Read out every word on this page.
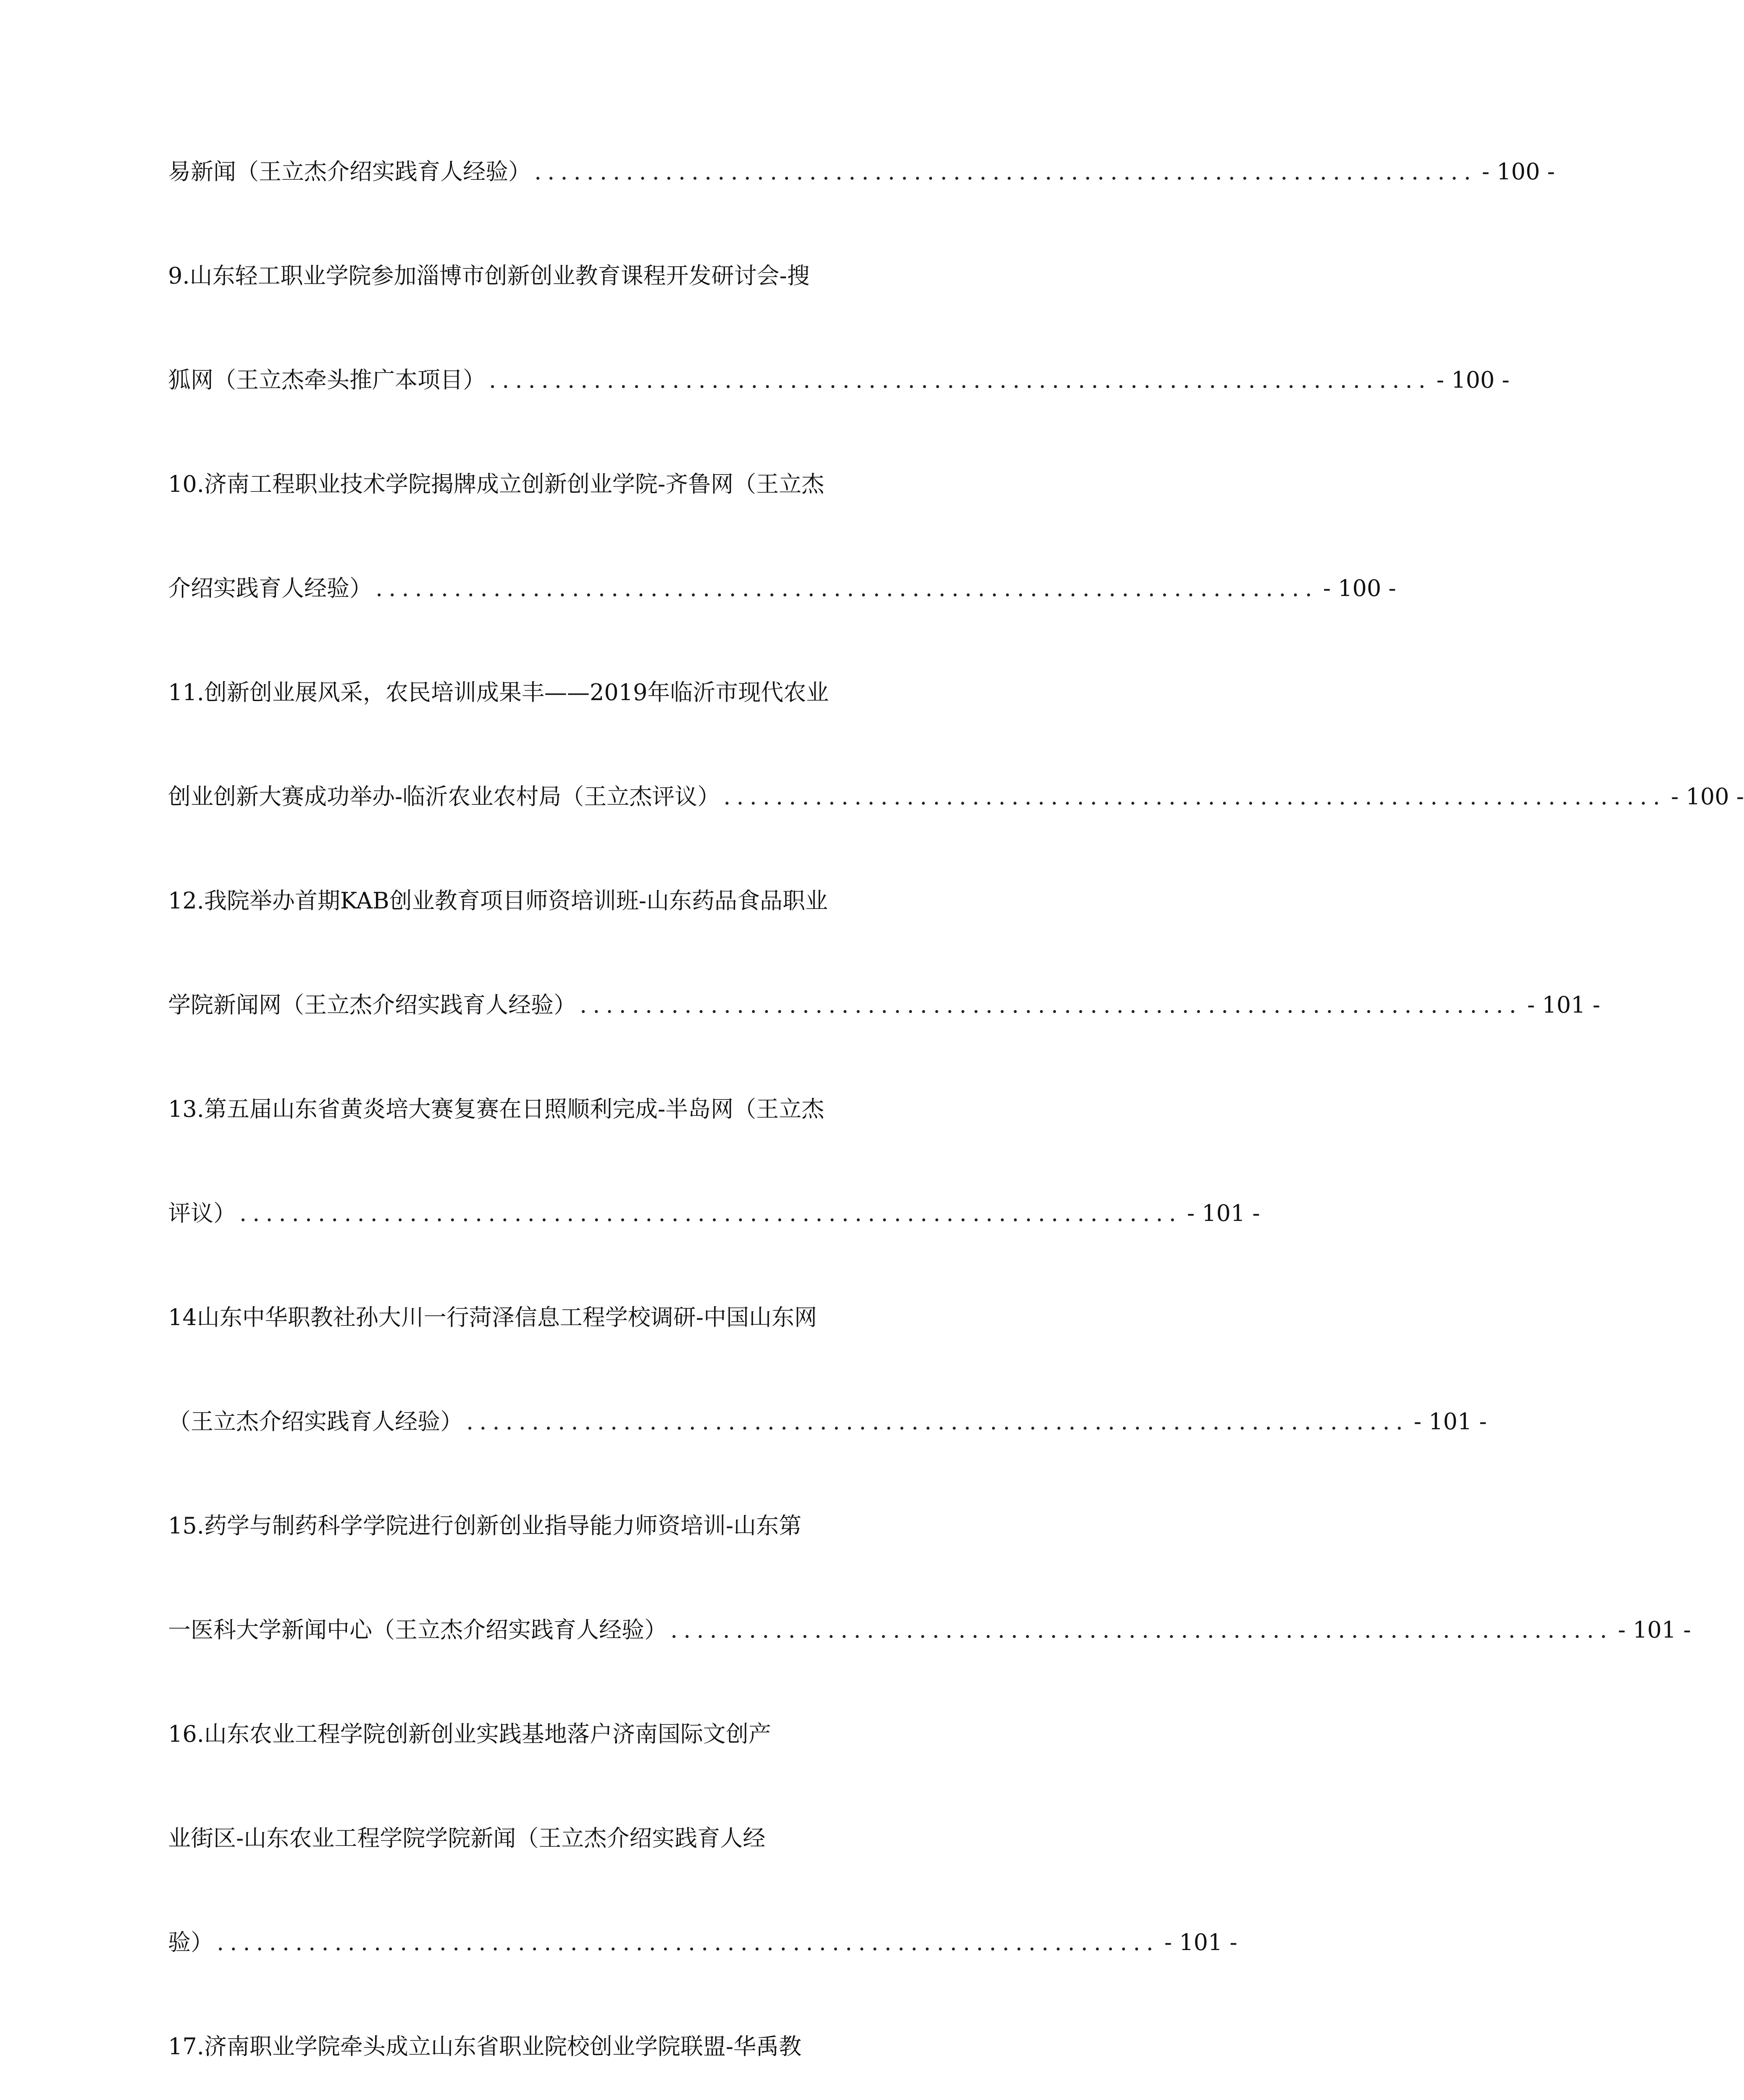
易新闻（王立杰介绍实践育人经验） ........................................................................ - 100 -
9.山东轻工职业学院参加淄博市创新创业教育课程开发研讨会-搜
狐网（王立杰牵头推广本项目） ........................................................................ - 100 -
10.济南工程职业技术学院揭牌成立创新创业学院-齐鲁网（王立杰
介绍实践育人经验） ........................................................................ - 100 -
11.创新创业展风采，农民培训成果丰——2019年临沂市现代农业
创业创新大赛成功举办-临沂农业农村局（王立杰评议） ........................................................................ - 100 -
12.我院举办首期KAB创业教育项目师资培训班-山东药品食品职业
学院新闻网（王立杰介绍实践育人经验） ........................................................................ - 101 -
13.第五届山东省黄炎培大赛复赛在日照顺利完成-半岛网（王立杰
评议） ........................................................................ - 101 -
14山东中华职教社孙大川一行菏泽信息工程学校调研-中国山东网
（王立杰介绍实践育人经验） ........................................................................ - 101 -
15.药学与制药科学学院进行创新创业指导能力师资培训-山东第
一医科大学新闻中心（王立杰介绍实践育人经验） ........................................................................ - 101 -
16.山东农业工程学院创新创业实践基地落户济南国际文创产
业街区-山东农业工程学院学院新闻（王立杰介绍实践育人经
验） ........................................................................ - 101 -
17.济南职业学院牵头成立山东省职业院校创业学院联盟-华禹教
